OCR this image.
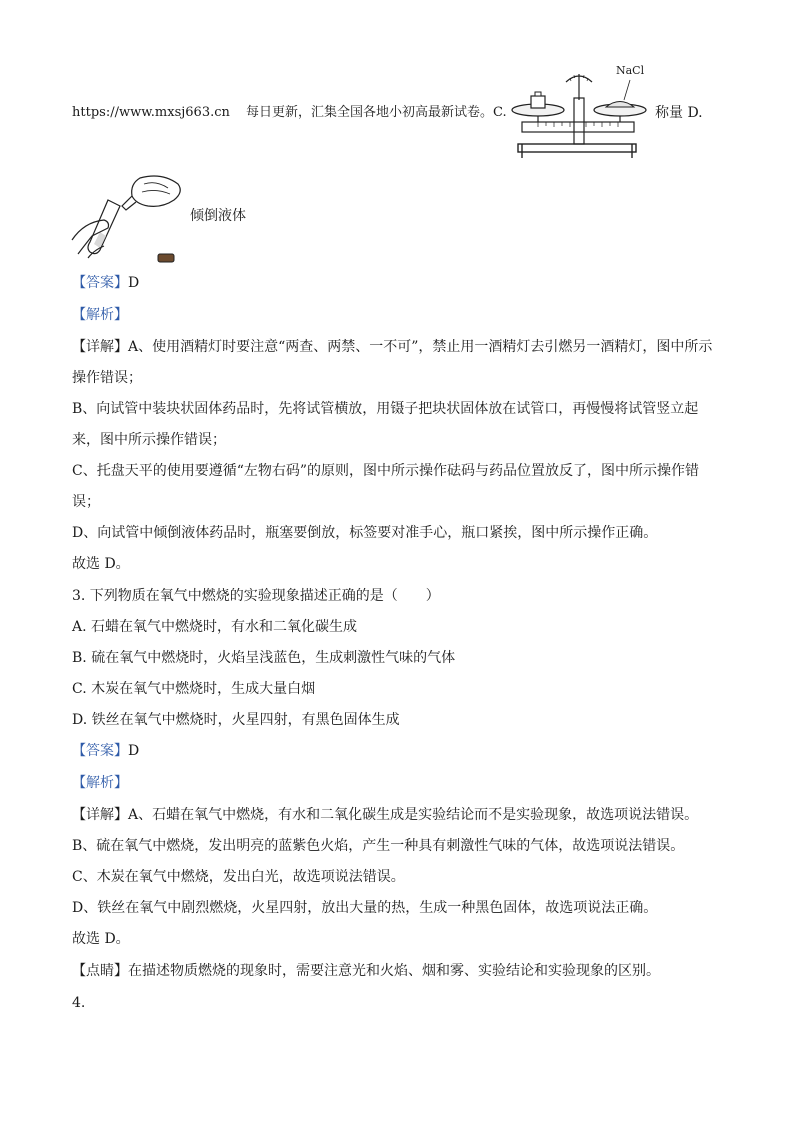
https://www.mxsj663.cn 每日更新，汇集全国各地小初高最新试卷。C.
NaCl
称量 D.
倾倒液体
【答案】D
【解析】
【详解】A、使用酒精灯时要注意“两查、两禁、一不可”，禁止用一酒精灯去引燃另一酒精灯，图中所示
操作错误；
B、向试管中装块状固体药品时，先将试管横放，用镊子把块状固体放在试管口，再慢慢将试管竖立起
来，图中所示操作错误；
C、托盘天平的使用要遵循“左物右码”的原则，图中所示操作砝码与药品位置放反了，图中所示操作错
误；
D、向试管中倾倒液体药品时，瓶塞要倒放，标签要对准手心，瓶口紧挨，图中所示操作正确。
故选 D。
3. 下列物质在氧气中燃烧的实验现象描述正确的是（　　）
A. 石蜡在氧气中燃烧时，有水和二氧化碳生成
B. 硫在氧气中燃烧时，火焰呈浅蓝色，生成刺激性气味的气体
C. 木炭在氧气中燃烧时，生成大量白烟
D. 铁丝在氧气中燃烧时，火星四射，有黑色固体生成
【答案】D
【解析】
【详解】A、石蜡在氧气中燃烧，有水和二氧化碳生成是实验结论而不是实验现象，故选项说法错误。
B、硫在氧气中燃烧，发出明亮的蓝紫色火焰，产生一种具有刺激性气味的气体，故选项说法错误。
C、木炭在氧气中燃烧，发出白光，故选项说法错误。
D、铁丝在氧气中剧烈燃烧，火星四射，放出大量的热，生成一种黑色固体，故选项说法正确。
故选 D。
【点睛】在描述物质燃烧的现象时，需要注意光和火焰、烟和雾、实验结论和实验现象的区别。
4.
